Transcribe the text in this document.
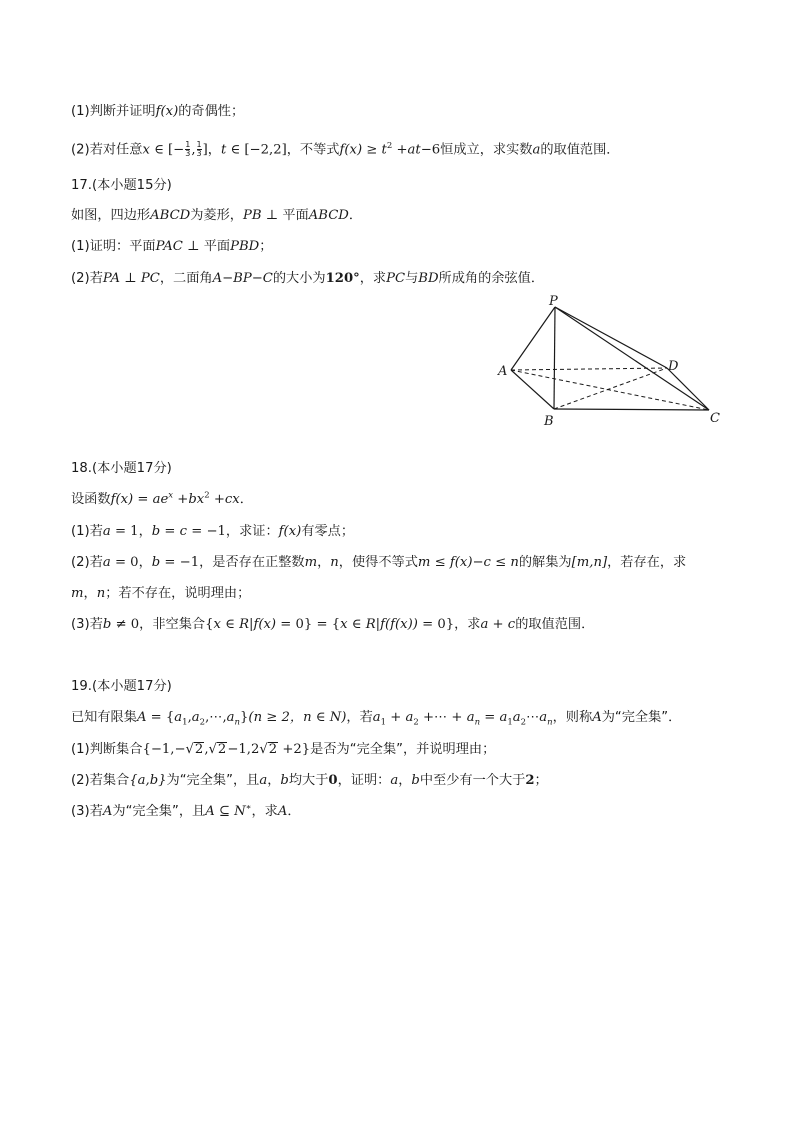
(1)判断并证明f(x)的奇偶性；
(2)若对任意x ∈ [− $\frac{1}{3}$ , $\frac{1}{3}$ ]，t ∈ [−2,2]，不等式$f(x) \ge t^2 +at-6$恒成立，求实数a的取值范围．
17.(本小题15分)
如图，四边形ABCD为菱形，PB ⊥ 平面ABCD．
(1)证明：平面PAC ⊥ 平面PBD；
(2)若PA ⊥ PC，二面角A−BP−C的大小为120°，求PC与BD所成角的余弦值．
P
A
B	C
D
18.(本小题17分)
设函数$f(x) = ae^x +bx^2 +cx$．
(1)若a = 1，b = c = −1，求证：f(x)有零点；
(2)若a = 0，b = −1，是否存在正整数m，n，使得不等式m ≤ f(x)−c ≤ n的解集为[m,n]，若存在，求
m，n；若不存在，说明理由；
(3)若b ≠ 0，非空集合{x ∈ R|f(x) = 0} = {x ∈ R|f(f(x)) = 0}，求a + c的取值范围．
19.(本小题17分)
已知有限集$A = \{a_1,a_2,\cdots,a_n\}(n \ge 2$，n ∈ N)，若$a_1 + a_2$ +⋯ + $a_n$ = $a_1a_2\cdots a_n$，则称A为“完全集”．
(1)判断集合{−1,−√2,√2−1,2√2 +2}是否为“完全集”，并说明理由；
(2)若集合{a,b}为“完全集”，且a，b均大于0，证明：a，b中至少有一个大于2；
(3)若A为“完全集”，且A ⊆ N∗，求A．
